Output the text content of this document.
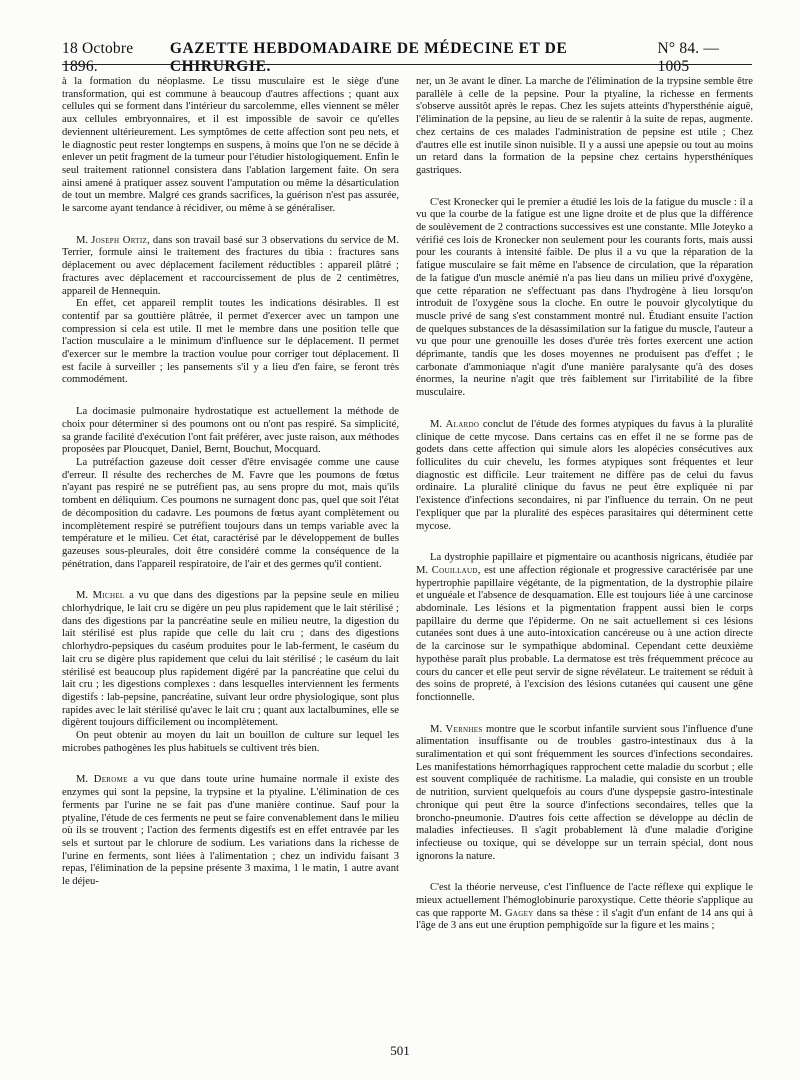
18 Octobre 1896.
GAZETTE HEBDOMADAIRE DE MÉDECINE ET DE CHIRURGIE.
N° 84. — 1005

à la formation du néoplasme. Le tissu musculaire est le siège d'une transformation, qui est commune à beaucoup d'autres affections ; quant aux cellules qui se forment dans l'intérieur du sarcolemme, elles viennent se mêler aux cellules embryonnaires, et il est impossible de savoir ce qu'elles deviennent ultérieurement. Les symptômes de cette affection sont peu nets, et le diagnostic peut rester longtemps en suspens, à moins que l'on ne se décide à enlever un petit fragment de la tumeur pour l'étudier histologiquement. Enfin le seul traitement rationnel consistera dans l'ablation largement faite. On sera ainsi amené à pratiquer assez souvent l'amputation ou même la désarticulation de tout un membre. Malgré ces grands sacrifices, la guérison n'est pas assurée, le sarcome ayant tendance à récidiver, ou même à se généraliser.

M. Joseph Ortiz, dans son travail basé sur 3 observations du service de M. Terrier, formule ainsi le traitement des fractures du tibia : fractures sans déplacement ou avec déplacement facilement réductibles : appareil plâtré ; fractures avec déplacement et raccourcissement de plus de 2 centimètres, appareil de Hennequin.

En effet, cet appareil remplit toutes les indications désirables. Il est contentif par sa gouttière plâtrée, il permet d'exercer avec un tampon une compression si cela est utile. Il met le membre dans une position telle que l'action musculaire a le minimum d'influence sur le déplacement. Il permet d'exercer sur le membre la traction voulue pour corriger tout déplacement. Il est facile à surveiller ; les pansements s'il y a lieu d'en faire, se feront très commodément.

La docimasie pulmonaire hydrostatique est actuellement la méthode de choix pour déterminer si des poumons ont ou n'ont pas respiré. Sa simplicité, sa grande facilité d'exécution l'ont fait préférer, avec juste raison, aux méthodes proposées par Ploucquet, Daniel, Bernt, Bouchut, Mocquard.

La putréfaction gazeuse doit cesser d'être envisagée comme une cause d'erreur. Il résulte des recherches de M. Favre que les poumons de fœtus n'ayant pas respiré ne se putréfient pas, au sens propre du mot, mais qu'ils tombent en déliquium. Ces poumons ne surnagent donc pas, quel que soit l'état de décomposition du cadavre. Les poumons de fœtus ayant complètement ou incomplètement respiré se putréfient toujours dans un temps variable avec la température et le milieu. Cet état, caractérisé par le développement de bulles gazeuses sous-pleurales, doit être considéré comme la conséquence de la pénétration, dans l'appareil respiratoire, de l'air et des germes qu'il contient.

M. Michel a vu que dans des digestions par la pepsine seule en milieu chlorhydrique, le lait cru se digère un peu plus rapidement que le lait stérilisé ; dans des digestions par la pancréatine seule en milieu neutre, la digestion du lait stérilisé est plus rapide que celle du lait cru ; dans des digestions chlorhydro-pepsiques du caséum produites pour le lab-ferment, le caséum du lait cru se digère plus rapidement que celui du lait stérilisé ; le caséum du lait stérilisé est beaucoup plus rapidement digéré par la pancréatine que celui du lait cru ; les digestions complexes : dans lesquelles interviennent les ferments digestifs : lab-pepsine, pancréatine, suivant leur ordre physiologique, sont plus rapides avec le lait stérilisé qu'avec le lait cru ; quant aux lactalbumines, elle se digèrent toujours difficilement ou incomplètement.

On peut obtenir au moyen du lait un bouillon de culture sur lequel les microbes pathogènes les plus habituels se cultivent très bien.

M. Derome a vu que dans toute urine humaine normale il existe des enzymes qui sont la pepsine, la trypsine et la ptyaline. L'élimination de ces ferments par l'urine ne se fait pas d'une manière continue. Sauf pour la ptyaline, l'étude de ces ferments ne peut se faire convenablement dans le milieu où ils se trouvent ; l'action des ferments digestifs est en effet entravée par les sels et surtout par le chlorure de sodium. Les variations dans la richesse de l'urine en ferments, sont liées à l'alimentation ; chez un individu faisant 3 repas, l'élimination de la pepsine présente 3 maxima, 1 le matin, 1 autre avant le déjeu-

ner, un 3e avant le dîner. La marche de l'élimination de la trypsine semble être parallèle à celle de la pepsine. Pour la ptyaline, la richesse en ferments s'observe aussitôt après le repas. Chez les sujets atteints d'hypersthénie aiguë, l'élimination de la pepsine, au lieu de se ralentir à la suite de repas, augmente. chez certains de ces malades l'administration de pepsine est utile ; Chez d'autres elle est inutile sinon nuisible. Il y a aussi une apepsie ou tout au moins un retard dans la formation de la pepsine chez certains hypersthéniques gastriques.

C'est Kronecker qui le premier a étudié les lois de la fatigue du muscle : il a vu que la courbe de la fatigue est une ligne droite et de plus que la différence de soulèvement de 2 contractions successives est une constante. Mlle Joteyko a vérifié ces lois de Kronecker non seulement pour les courants forts, mais aussi pour les courants à intensité faible. De plus il a vu que la réparation de la fatigue musculaire se fait même en l'absence de circulation, que la réparation de la fatigue d'un muscle anémié n'a pas lieu dans un milieu privé d'oxygène, que cette réparation ne s'effectuant pas dans l'hydrogène à lieu lorsqu'on introduit de l'oxygène sous la cloche. En outre le pouvoir glycolytique du muscle privé de sang s'est constamment montré nul. Étudiant ensuite l'action de quelques substances de la désassimilation sur la fatigue du muscle, l'auteur a vu que pour une grenouille les doses d'urée très fortes exercent une action déprimante, tandis que les doses moyennes ne produisent pas d'effet ; le carbonate d'ammoniaque n'agit d'une manière paralysante qu'à des doses énormes, la neurine n'agit que très faiblement sur l'irritabilité de la fibre musculaire.

M. Alardo conclut de l'étude des formes atypiques du favus à la pluralité clinique de cette mycose. Dans certains cas en effet il ne se forme pas de godets dans cette affection qui simule alors les alopécies consécutives aux folliculites du cuir chevelu, les formes atypiques sont fréquentes et leur diagnostic est difficile. Leur traitement ne diffère pas de celui du favus ordinaire. La pluralité clinique du favus ne peut être expliquée ni par l'existence d'infections secondaires, ni par l'influence du terrain. On ne peut l'expliquer que par la pluralité des espèces parasitaires qui déterminent cette mycose.

La dystrophie papillaire et pigmentaire ou acanthosis nigricans, étudiée par M. Couillaud, est une affection régionale et progressive caractérisée par une hypertrophie papillaire végétante, de la pigmentation, de la dystrophie pilaire et unguéale et l'absence de desquamation. Elle est toujours liée à une carcinose abdominale. Les lésions et la pigmentation frappent aussi bien le corps papillaire du derme que l'épiderme. On ne sait actuellement si ces lésions cutanées sont dues à une auto-intoxication cancéreuse ou à une action directe de la carcinose sur le sympathique abdominal. Cependant cette deuxième hypothèse paraît plus probable. La dermatose est très fréquemment précoce au cours du cancer et elle peut servir de signe révélateur. Le traitement se réduit à des soins de propreté, à l'excision des lésions cutanées qui causent une gêne fonctionnelle.

M. Vernhes montre que le scorbut infantile survient sous l'influence d'une alimentation insuffisante ou de troubles gastro-intestinaux dus à la suralimentation et qui sont fréquemment les sources d'infections secondaires. Les manifestations hémorrhagiques rapprochent cette maladie du scorbut ; elle est souvent compliquée de rachitisme. La maladie, qui consiste en un trouble de nutrition, survient quelquefois au cours d'une dyspepsie gastro-intestinale chronique qui peut être la source d'infections secondaires, telles que la broncho-pneumonie. D'autres fois cette affection se développe au déclin de maladies infectieuses. Il s'agit probablement là d'une maladie d'origine infectieuse ou toxique, qui se développe sur un terrain spécial, dont nous ignorons la nature.

C'est la théorie nerveuse, c'est l'influence de l'acte réflexe qui explique le mieux actuellement l'hémoglobinurie paroxystique. Cette théorie s'applique au cas que rapporte M. Gagey dans sa thèse : il s'agit d'un enfant de 14 ans qui à l'âge de 3 ans eut une éruption pemphigoïde sur la figure et les mains ;

501
